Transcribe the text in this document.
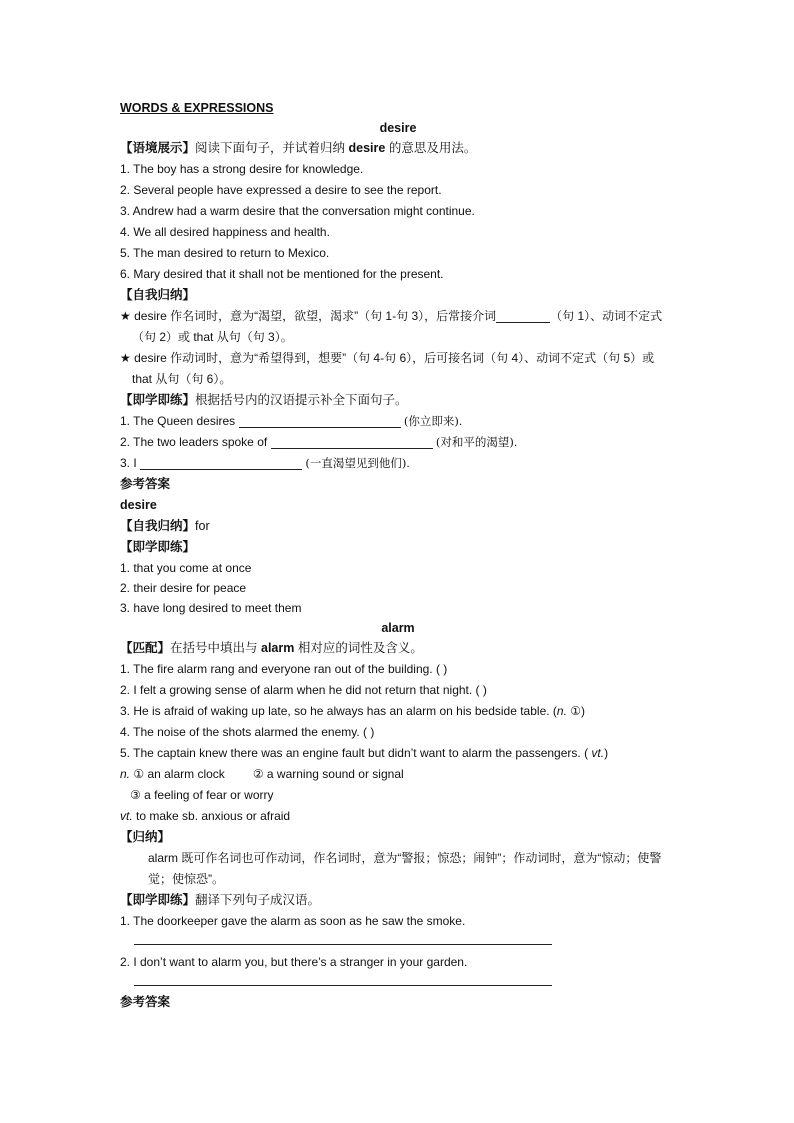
WORDS & EXPRESSIONS
desire
【语境展示】阅读下面句子，并试着归纳 desire 的意思及用法。
1. The boy has a strong desire for knowledge.
2. Several people have expressed a desire to see the report.
3. Andrew had a warm desire that the conversation might continue.
4. We all desired happiness and health.
5. The man desired to return to Mexico.
6. Mary desired that it shall not be mentioned for the present.
【自我归纳】
★ desire 作名词时，意为“渴望，欲望，渴求”（句 1-句 3），后常接介词	（句 1）、动词不定式（句 2）或 that 从句（句 3）。
★ desire 作动词时，意为“希望得到，想要”（句 4-句 6），后可接名词（句 4）、动词不定式（句 5）或 that 从句（句 6）。
【即学即练】根据括号内的汉语提示补全下面句子。
1. The Queen desires	(你立即来).
2. The two leaders spoke of	(对和平的渴望).
3. I	(一直渴望见到他们).
参考答案
desire
【自我归纳】for
【即学即练】
1. that you come at once
2. their desire for peace
3. have long desired to meet them
alarm
【匹配】在括号中填出与 alarm 相对应的词性及含义。
1. The fire alarm rang and everyone ran out of the building. ( )
2. I felt a growing sense of alarm when he did not return that night. ( )
3. He is afraid of waking up late, so he always has an alarm on his bedside table. (n. ①)
4. The noise of the shots alarmed the enemy. ( )
5. The captain knew there was an engine fault but didn’t want to alarm the passengers. ( vt.)
n. ① an alarm clock ② a warning sound or signal
③ a feeling of fear or worry
vt. to make sb. anxious or afraid
【归纳】
alarm 既可作名词也可作动词，作名词时，意为“警报；惊恐；闹钟”；作动词时，意为“惊动；使警觉；使惊恐”。
【即学即练】翻译下列句子成汉语。
1. The doorkeeper gave the alarm as soon as he saw the smoke.
2. I don’t want to alarm you, but there’s a stranger in your garden.
参考答案
